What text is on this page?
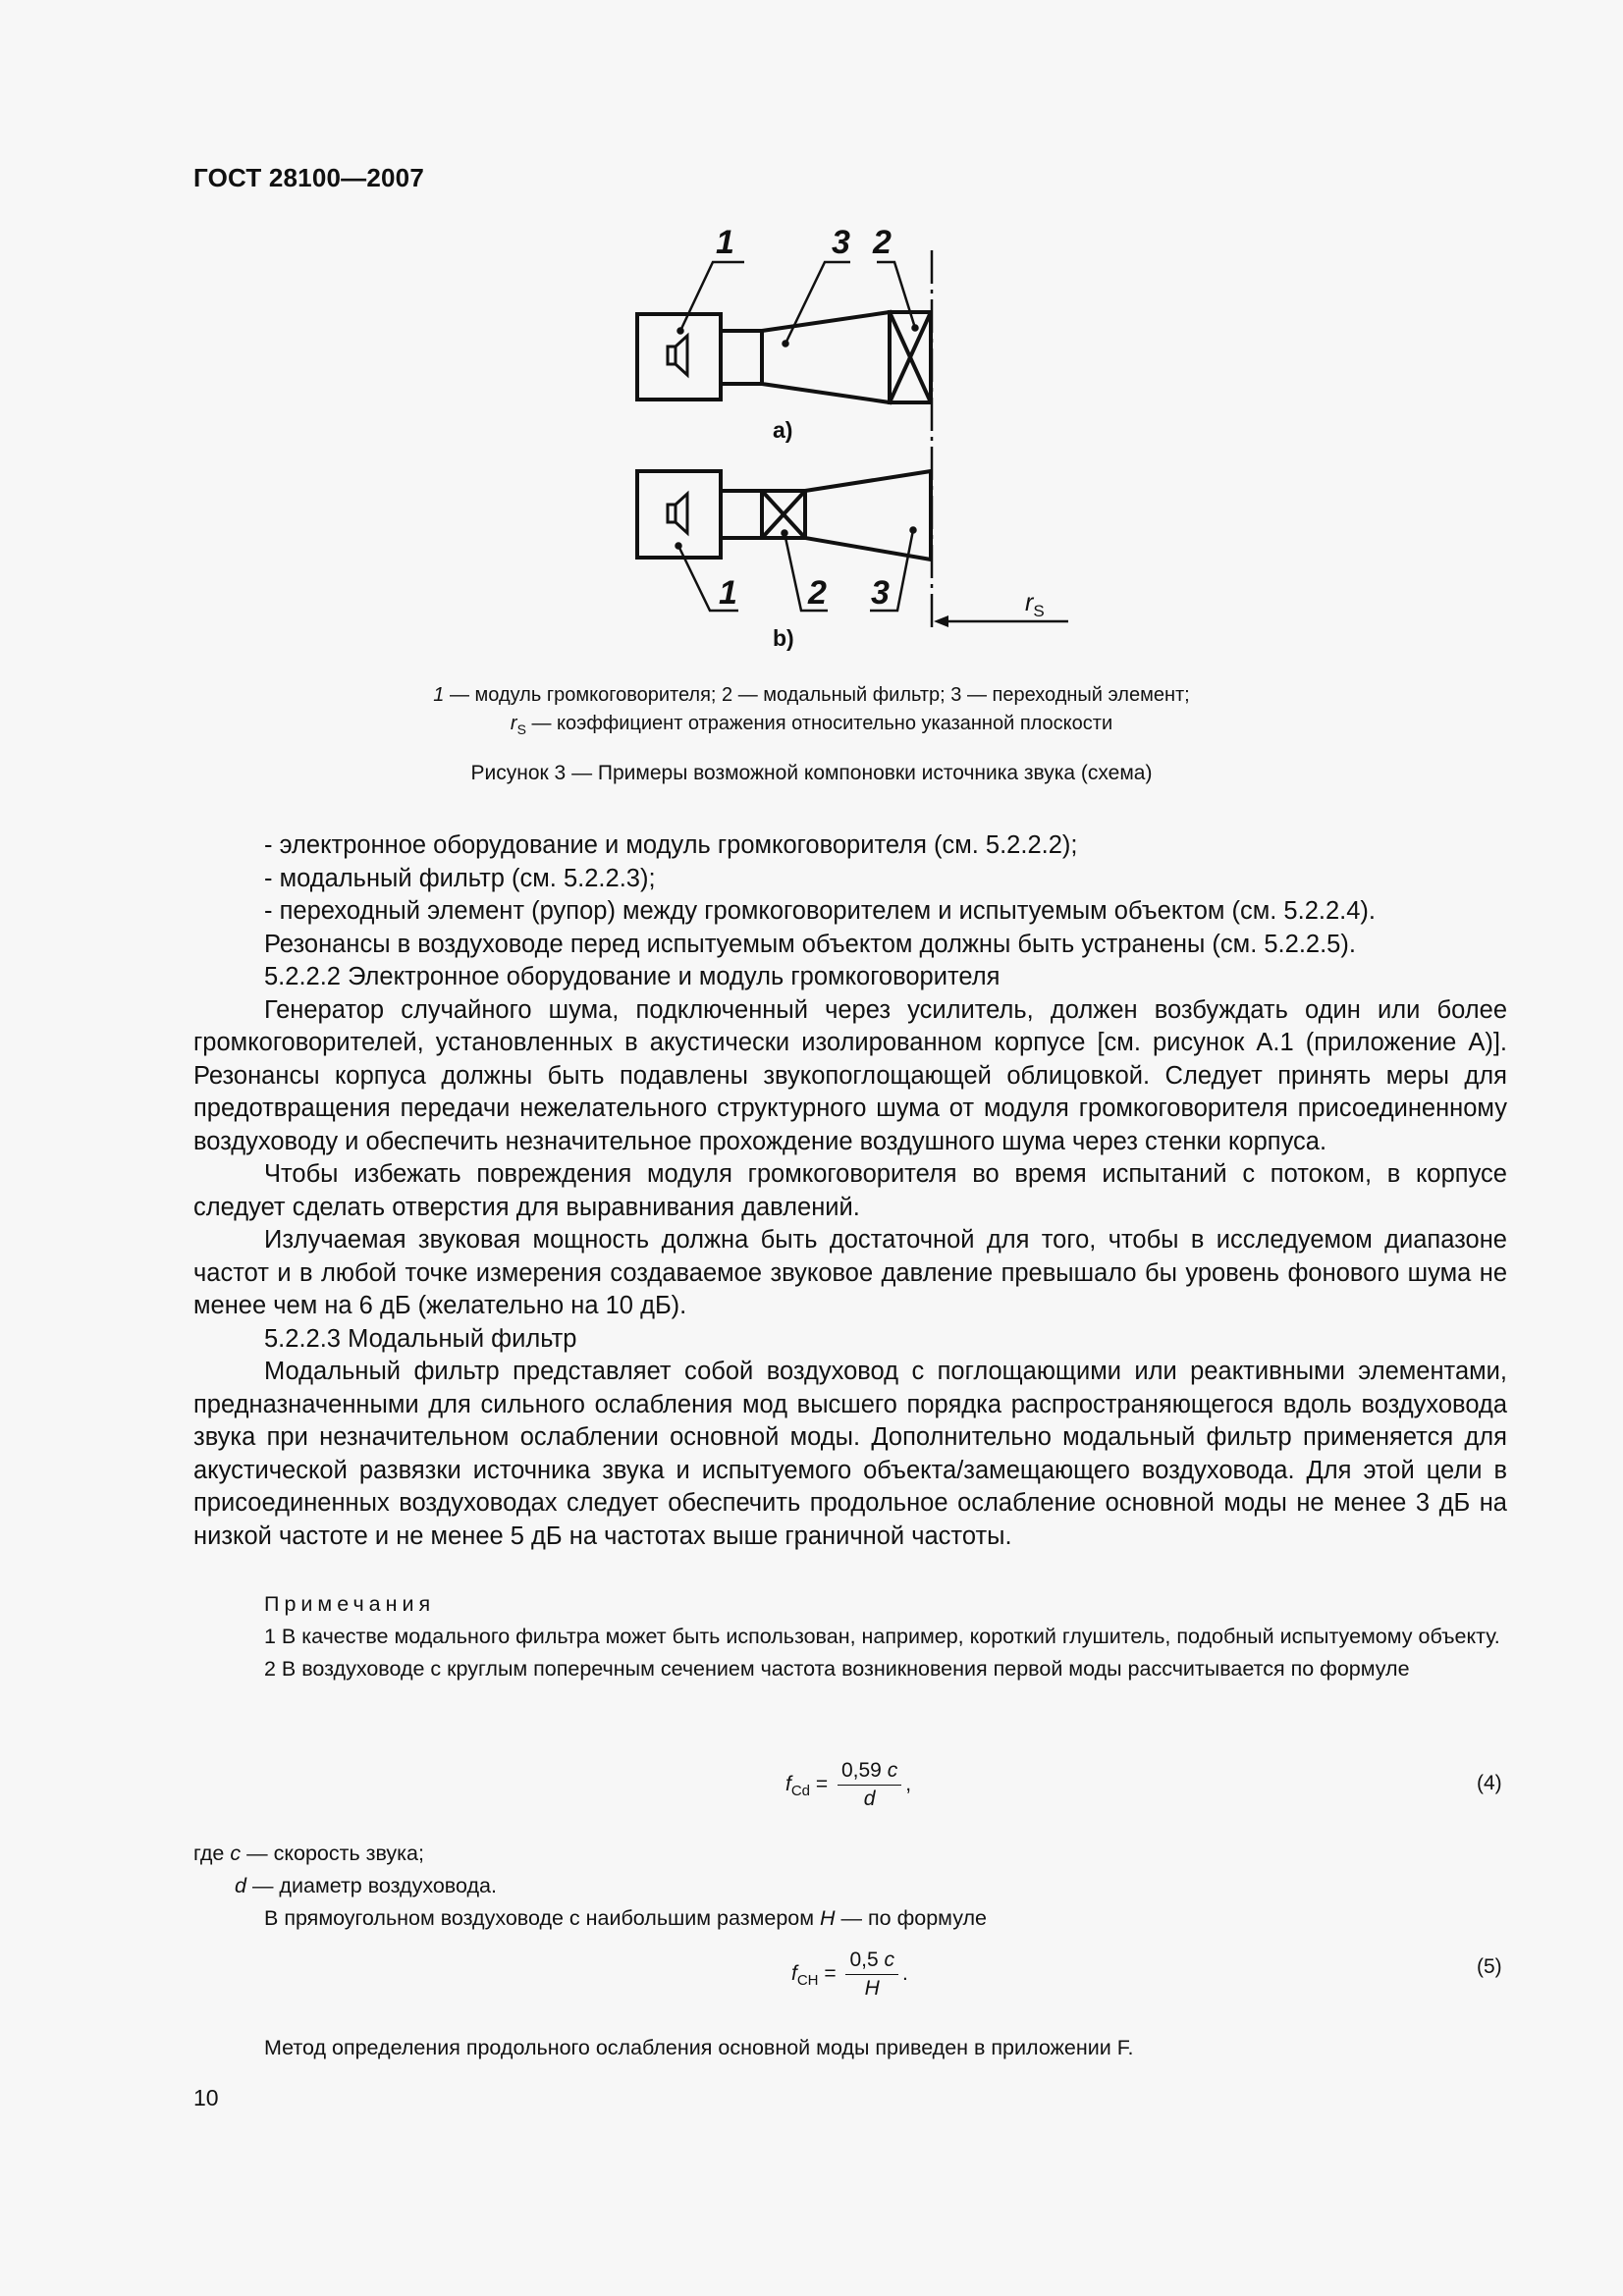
ГОСТ 28100—2007
1	3 2
а)
1 2 3
b)
$r_S$
1 — модуль громкоговорителя; 2 — модальный фильтр; 3 — переходный элемент;
$r_S$ — коэффициент отражения относительно указанной плоскости
Рисунок 3 — Примеры возможной компоновки источника звука (схема)

- электронное оборудование и модуль громкоговорителя (см. 5.2.2.2);

- модальный фильтр (см. 5.2.2.3);

- переходный элемент (рупор) между громкоговорителем и испытуемым объектом (см. 5.2.2.4).

Резонансы в воздуховоде перед испытуемым объектом должны быть устранены (см. 5.2.2.5).

5.2.2.2 Электронное оборудование и модуль громкоговорителя

Генератор случайного шума, подключенный через усилитель, должен возбуждать один или более громкоговорителей, установленных в акустически изолированном корпусе [см. рисунок А.1 (приложение А)]. Резонансы корпуса должны быть подавлены звукопоглощающей облицовкой. Следует принять меры для предотвращения передачи нежелательного структурного шума от модуля громкоговорителя присоединенному воздуховоду и обеспечить незначительное прохождение воздушного шума через стенки корпуса.

Чтобы избежать повреждения модуля громкоговорителя во время испытаний с потоком, в корпусе следует сделать отверстия для выравнивания давлений.

Излучаемая звуковая мощность должна быть достаточной для того, чтобы в исследуемом диапазоне частот и в любой точке измерения создаваемое звуковое давление превышало бы уровень фонового шума не менее чем на 6 дБ (желательно на 10 дБ).

5.2.2.3 Модальный фильтр

Модальный фильтр представляет собой воздуховод с поглощающими или реактивными элементами, предназначенными для сильного ослабления мод высшего порядка распространяющегося вдоль воздуховода звука при незначительном ослаблении основной моды. Дополнительно модальный фильтр применяется для акустической развязки источника звука и испытуемого объекта/замещающего воздуховода. Для этой цели в присоединенных воздуховодах следует обеспечить продольное ослабление основной моды не менее 3 дБ на низкой частоте и не менее 5 дБ на частотах выше граничной частоты.

Примечания

1 В качестве модального фильтра может быть использован, например, короткий глушитель, подобный испытуемому объекту.

2 В воздуховоде с круглым поперечным сечением частота возникновения первой моды рассчитывается по формуле

$f_{Cd} = \frac{0,59 c}{d}$ ,	(4)
где c — скорость звука;
d — диаметр воздуховода.
В прямоугольном воздуховоде с наибольшим размером H — по формуле
$f_{CH} = \frac{0,5 c}{H}$ .	(5)
Метод определения продольного ослабления основной моды приведен в приложении F.
10
